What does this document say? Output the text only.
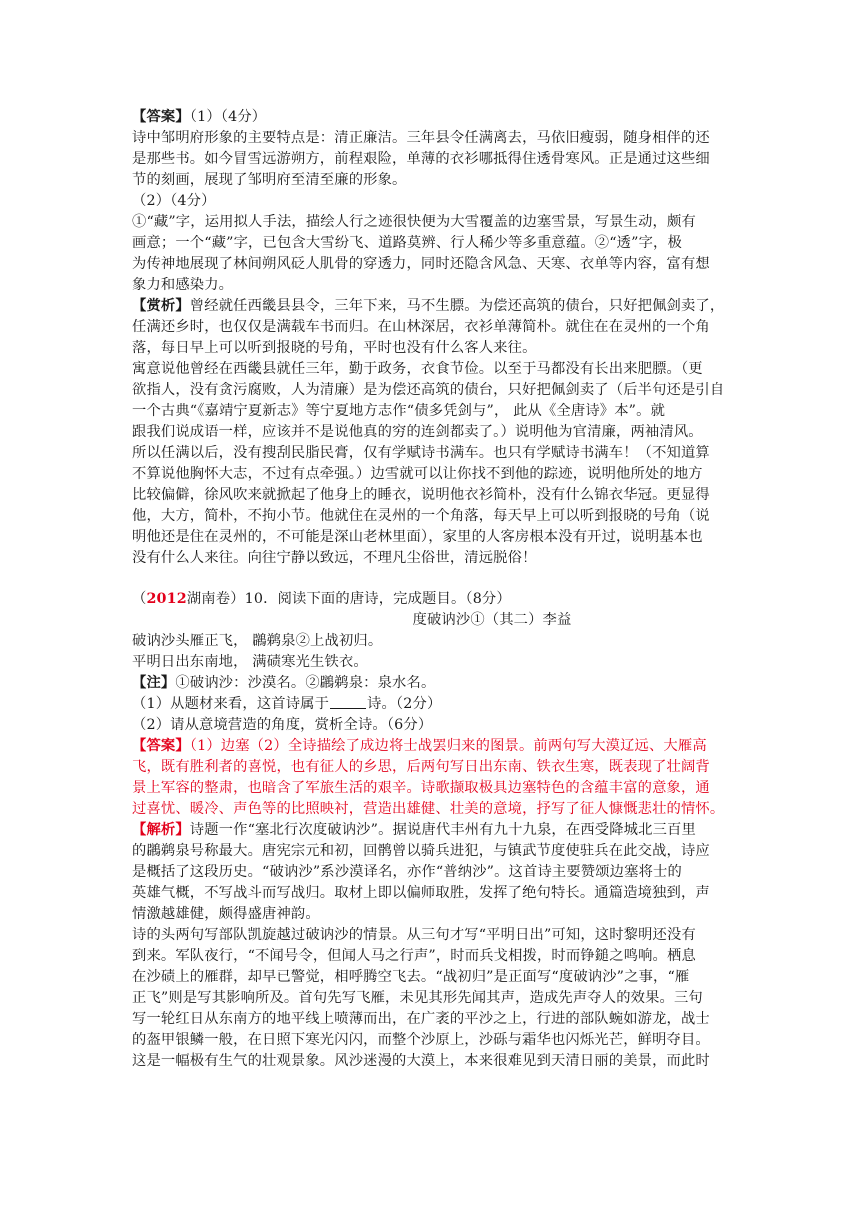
【答案】（1）（4分）
诗中邹明府形象的主要特点是：清正廉洁。三年县令任满离去，马依旧瘦弱，随身相伴的还
是那些书。如今冒雪远游朔方，前程艰险，单薄的衣衫哪抵得住透骨寒风。正是通过这些细
节的刻画，展现了邹明府至清至廉的形象。
（2）（4分）
①“藏”字，运用拟人手法，描绘人行之迹很快便为大雪覆盖的边塞雪景，写景生动，颇有
画意；一个“藏”字，已包含大雪纷飞、道路莫辨、行人稀少等多重意蕴。②“透”字，极
为传神地展现了林间朔风砭人肌骨的穿透力，同时还隐含风急、天寒、衣单等内容，富有想
象力和感染力。
【赏析】曾经就任西畿县县令，三年下来，马不生膘。为偿还高筑的债台，只好把佩剑卖了，
任满还乡时，也仅仅是满载车书而归。在山林深居，衣衫单薄简朴。就住在在灵州的一个角
落，每日早上可以听到报晓的号角，平时也没有什么客人来往。
寓意说他曾经在西畿县就任三年，勤于政务，衣食节俭。以至于马都没有长出来肥膘。（更
欲指人，没有贪污腐败，人为清廉）是为偿还高筑的债台，只好把佩剑卖了（后半句还是引自
一个古典“《嘉靖宁夏新志》等宁夏地方志作“债多凭剑与”， 此从《全唐诗》本”。就
跟我们说成语一样，应该并不是说他真的穷的连剑都卖了。）说明他为官清廉，两袖清风。
所以任满以后，没有搜刮民脂民膏，仅有学赋诗书满车。也只有学赋诗书满车！（不知道算
不算说他胸怀大志，不过有点牵强。）边雪就可以让你找不到他的踪迹，说明他所处的地方
比较偏僻，徐风吹来就掀起了他身上的睡衣，说明他衣衫简朴，没有什么锦衣华冠。更显得
他，大方，简朴，不拘小节。他就住在灵州的一个角落，每天早上可以听到报晓的号角（说
明他还是住在灵州的，不可能是深山老林里面），家里的人客房根本没有开过，说明基本也
没有什么人来往。向往宁静以致远，不理凡尘俗世，清远脱俗！
（2012湖南卷）10．阅读下面的唐诗，完成题目。（8分）
度破讷沙①（其二）李益
破讷沙头雁正飞， 鸊鹈泉②上战初归。
平明日出东南地， 满碛寒光生铁衣。
【注】①破讷沙：沙漠名。②鸊鹈泉：泉水名。
（1）从题材来看，这首诗属于	诗。（2分）
（2）请从意境营造的角度，赏析全诗。（6分）
【答案】（1）边塞（2）全诗描绘了成边将士战罢归来的图景。前两句写大漠辽远、大雁高
飞，既有胜利者的喜悦，也有征人的乡思，后两句写日出东南、铁衣生寒，既表现了壮阔背
景上军容的整肃，也暗含了军旅生活的艰辛。诗歌撷取极具边塞特色的含蕴丰富的意象，通
过喜忧、暖冷、声色等的比照映衬，营造出雄健、壮美的意境，抒写了征人慷慨悲壮的情怀。
【解析】诗题一作“塞北行次度破讷沙”。据说唐代丰州有九十九泉，在西受降城北三百里
的鸊鹈泉号称最大。唐宪宗元和初，回鹘曾以骑兵进犯，与镇武节度使驻兵在此交战，诗应
是概括了这段历史。“破讷沙”系沙漠译名，亦作“普纳沙”。这首诗主要赞颂边塞将士的
英雄气概，不写战斗而写战归。取材上即以偏师取胜，发挥了绝句特长。通篇造境独到，声
情激越雄健，颇得盛唐神韵。
诗的头两句写部队凯旋越过破讷沙的情景。从三句才写“平明日出”可知，这时黎明还没有
到来。军队夜行，“不闻号令，但闻人马之行声”，时而兵戈相拨，时而铮鎚之鸣响。栖息
在沙碛上的雁群，却早已警觉，相呼腾空飞去。“战初归”是正面写“度破讷沙”之事，“雁
正飞”则是写其影响所及。首句先写飞雁，未见其形先闻其声，造成先声夺人的效果。三句
写一轮红日从东南方的地平线上喷薄而出，在广袤的平沙之上，行进的部队蜿如游龙，战士
的盔甲银鳞一般，在日照下寒光闪闪，而整个沙原上，沙砾与霜华也闪烁光芒，鲜明夺目。
这是一幅极有生气的壮观景象。风沙迷漫的大漠上，本来很难见到天清日丽的美景，而此时
